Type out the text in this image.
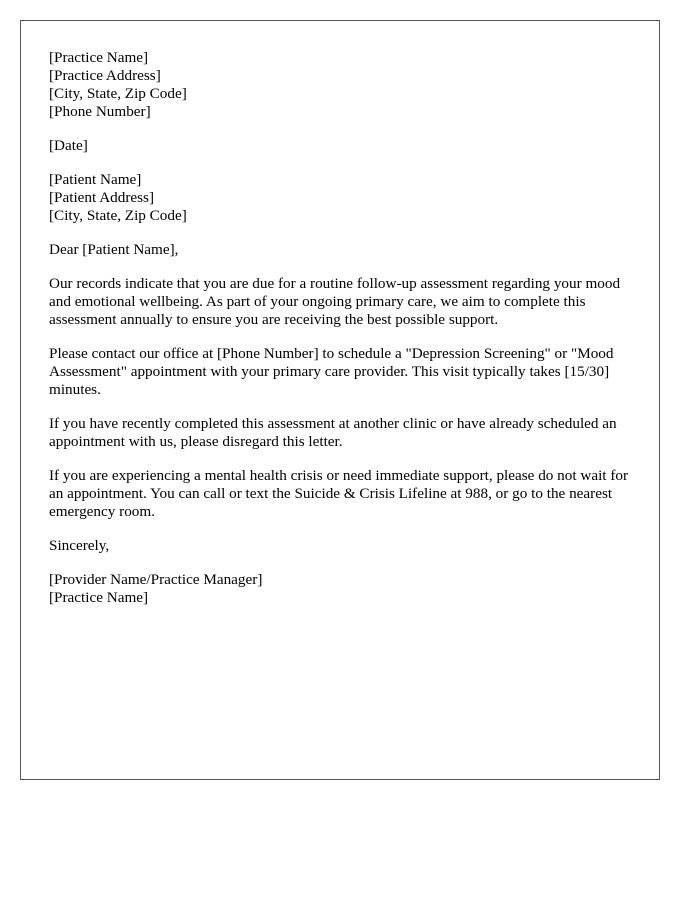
[Practice Name]
[Practice Address]
[City, State, Zip Code]
[Phone Number]
[Date]
[Patient Name]
[Patient Address]
[City, State, Zip Code]
Dear [Patient Name],

Our records indicate that you are due for a routine follow-up assessment regarding your mood and emotional wellbeing. As part of your ongoing primary care, we aim to complete this assessment annually to ensure you are receiving the best possible support.

Please contact our office at [Phone Number] to schedule a "Depression Screening" or "Mood Assessment" appointment with your primary care provider. This visit typically takes [15/30] minutes.

If you have recently completed this assessment at another clinic or have already scheduled an appointment with us, please disregard this letter.

If you are experiencing a mental health crisis or need immediate support, please do not wait for an appointment. You can call or text the Suicide & Crisis Lifeline at 988, or go to the nearest emergency room.

Sincerely,
[Provider Name/Practice Manager]
[Practice Name]
